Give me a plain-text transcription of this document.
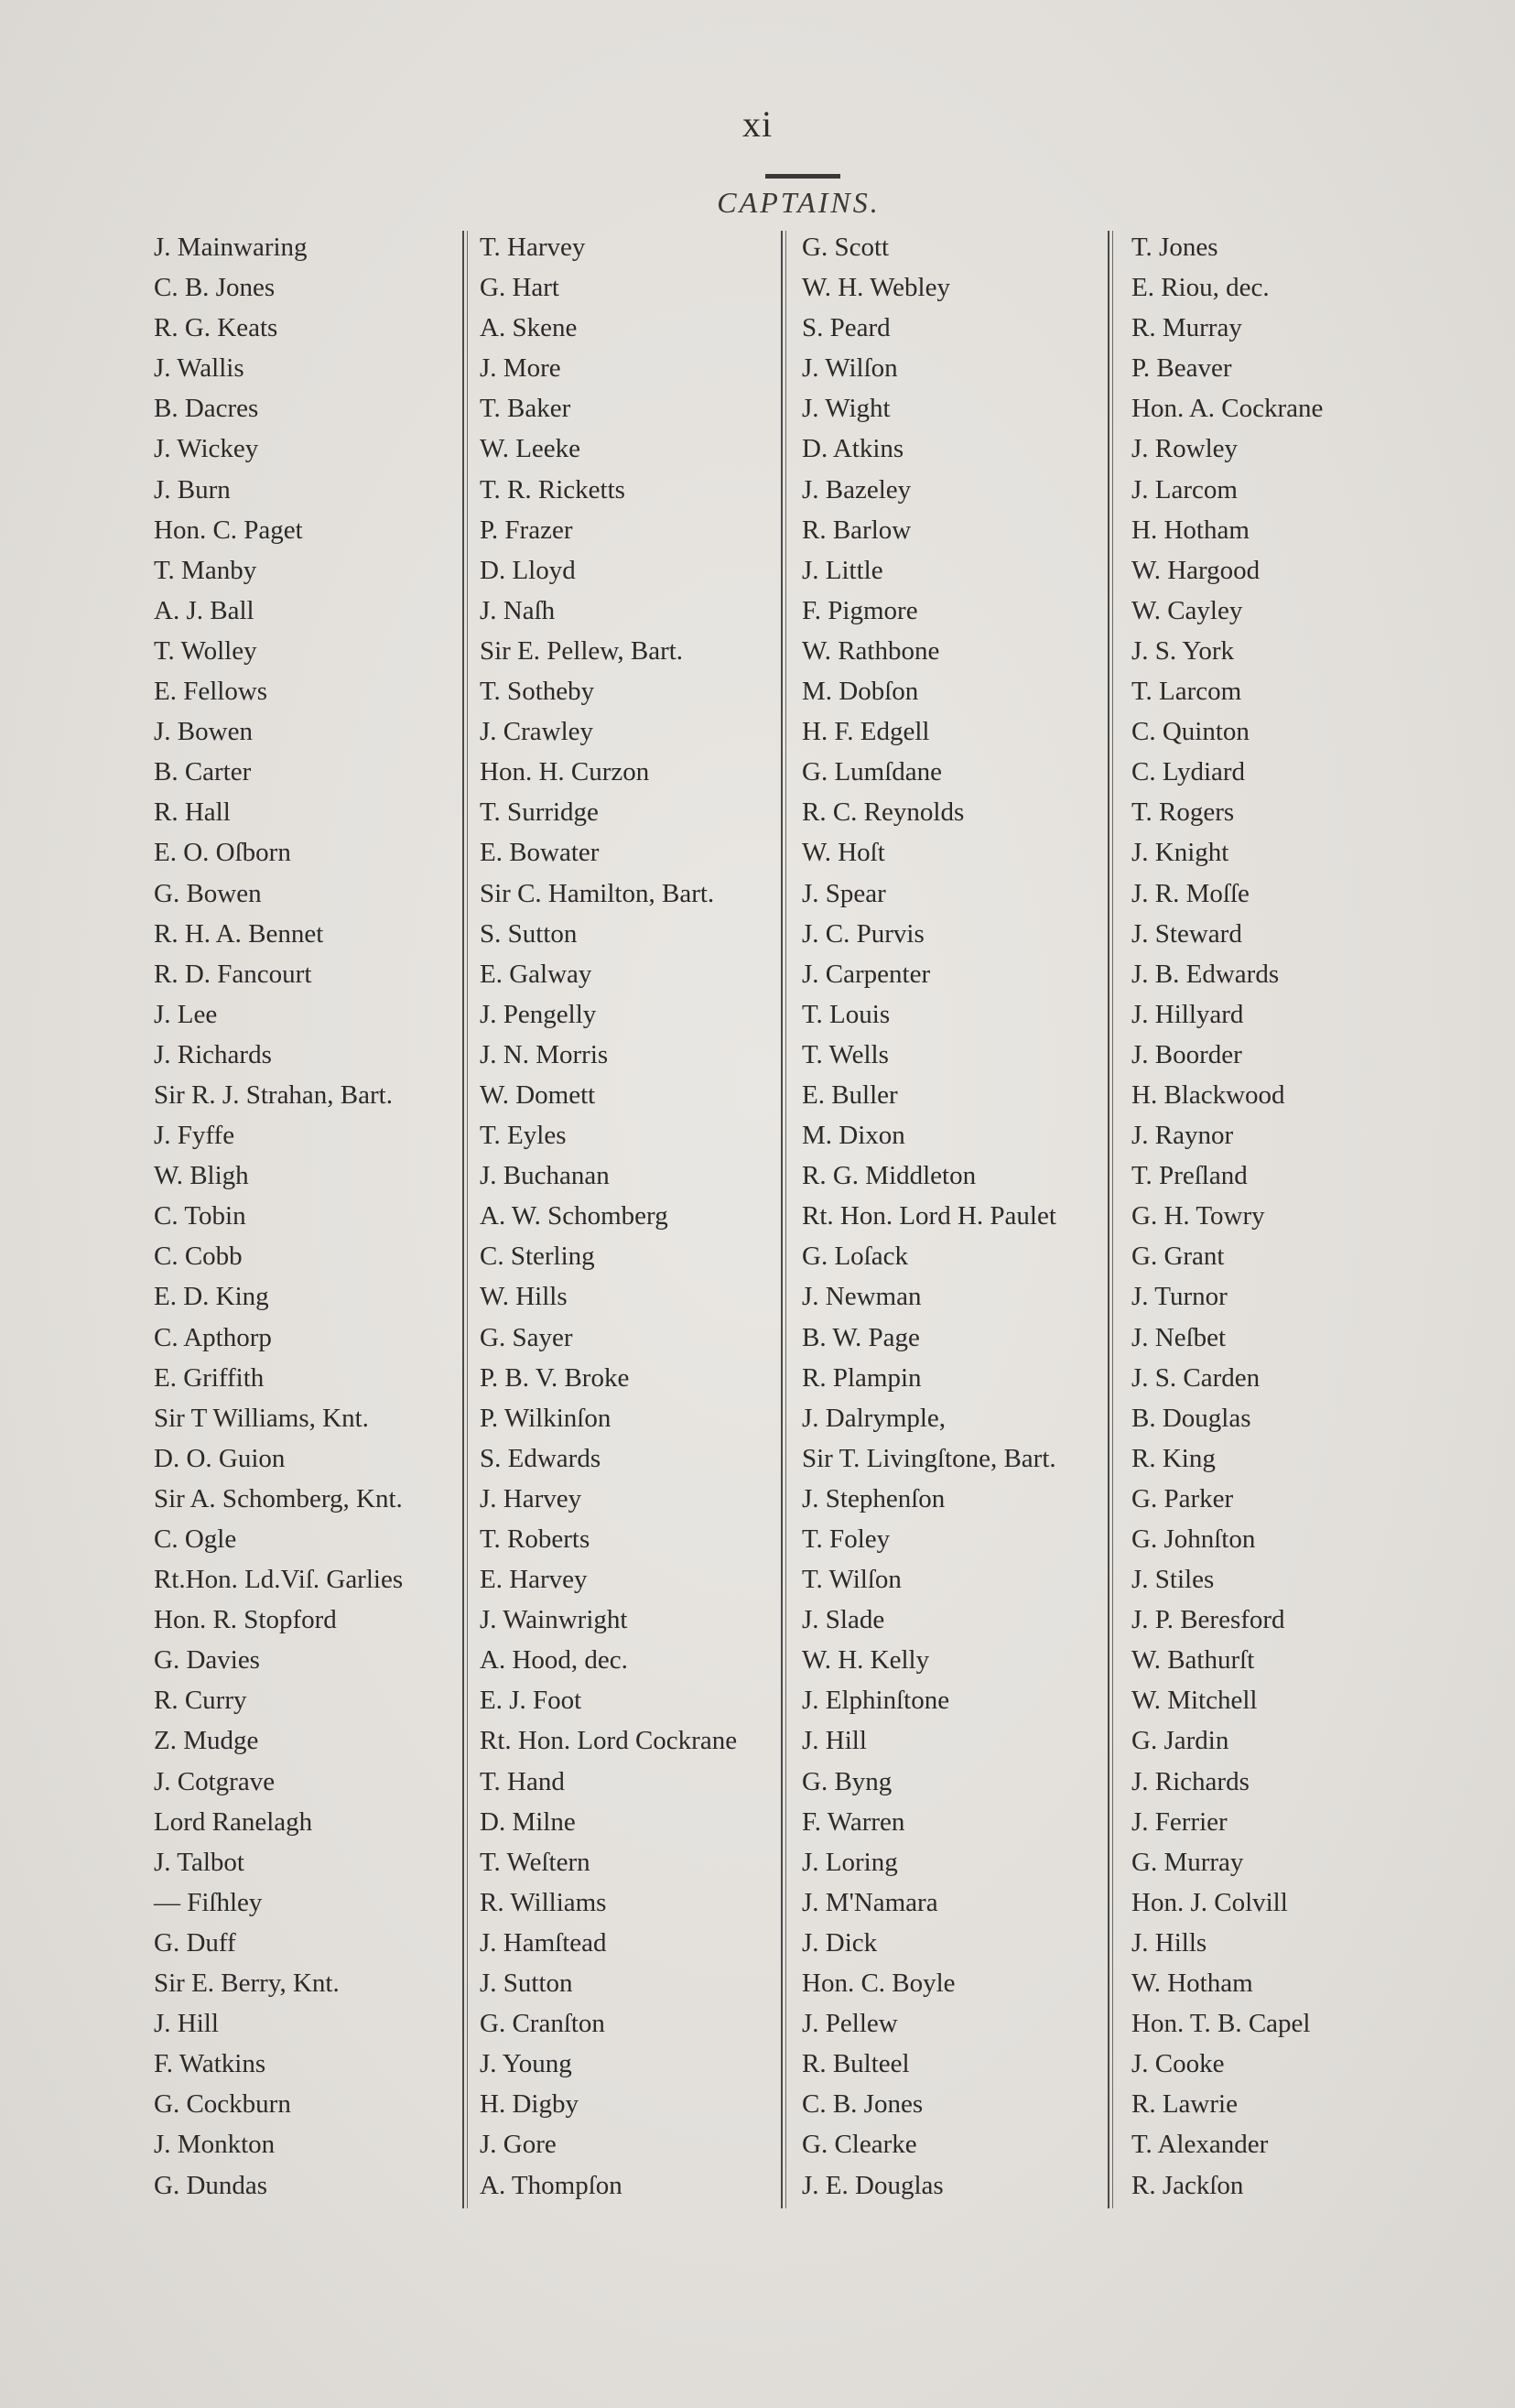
xi
CAPTAINS.
J. Mainwaring
C. B. Jones
R. G. Keats
J. Wallis
B. Dacres
J. Wickey
J. Burn
Hon. C. Paget
T. Manby
A. J. Ball
T. Wolley
E. Fellows
J. Bowen
B. Carter
R. Hall
E. O. Oſborn
G. Bowen
R. H. A. Bennet
R. D. Fancourt
J. Lee
J. Richards
Sir R. J. Strahan, Bart.
J. Fyffe
W. Bligh
C. Tobin
C. Cobb
E. D. King
C. Apthorp
E. Griffith
Sir T Williams, Knt.
D. O. Guion
Sir A. Schomberg, Knt.
C. Ogle
Rt.Hon. Ld.Viſ. Garlies
Hon. R. Stopford
G. Davies
R. Curry
Z. Mudge
J. Cotgrave
Lord Ranelagh
J. Talbot
— Fiſhley
G. Duff
Sir E. Berry, Knt.
J. Hill
F. Watkins
G. Cockburn
J. Monkton
G. Dundas
T. Harvey
G. Hart
A. Skene
J. More
T. Baker
W. Leeke
T. R. Ricketts
P. Frazer
D. Lloyd
J. Naſh
Sir E. Pellew, Bart.
T. Sotheby
J. Crawley
Hon. H. Curzon
T. Surridge
E. Bowater
Sir C. Hamilton, Bart.
S. Sutton
E. Galway
J. Pengelly
J. N. Morris
W. Domett
T. Eyles
J. Buchanan
A. W. Schomberg
C. Sterling
W. Hills
G. Sayer
P. B. V. Broke
P. Wilkinſon
S. Edwards
J. Harvey
T. Roberts
E. Harvey
J. Wainwright
A. Hood, dec.
E. J. Foot
Rt. Hon. Lord Cockrane
T. Hand
D. Milne
T. Weſtern
R. Williams
J. Hamſtead
J. Sutton
G. Cranſton
J. Young
H. Digby
J. Gore
A. Thompſon
G. Scott
W. H. Webley
S. Peard
J. Wilſon
J. Wight
D. Atkins
J. Bazeley
R. Barlow
J. Little
F. Pigmore
W. Rathbone
M. Dobſon
H. F. Edgell
G. Lumſdane
R. C. Reynolds
W. Hoſt
J. Spear
J. C. Purvis
J. Carpenter
T. Louis
T. Wells
E. Buller
M. Dixon
R. G. Middleton
Rt. Hon. Lord H. Paulet
G. Loſack
J. Newman
B. W. Page
R. Plampin
J. Dalrymple,
Sir T. Livingſtone, Bart.
J. Stephenſon
T. Foley
T. Wilſon
J. Slade
W. H. Kelly
J. Elphinſtone
J. Hill
G. Byng
F. Warren
J. Loring
J. M'Namara
J. Dick
Hon. C. Boyle
J. Pellew
R. Bulteel
C. B. Jones
G. Clearke
J. E. Douglas
T. Jones
E. Riou, dec.
R. Murray
P. Beaver
Hon. A. Cockrane
J. Rowley
J. Larcom
H. Hotham
W. Hargood
W. Cayley
J. S. York
T. Larcom
C. Quinton
C. Lydiard
T. Rogers
J. Knight
J. R. Moſſe
J. Steward
J. B. Edwards
J. Hillyard
J. Boorder
H. Blackwood
J. Raynor
T. Preſland
G. H. Towry
G. Grant
J. Turnor
J. Neſbet
J. S. Carden
B. Douglas
R. King
G. Parker
G. Johnſton
J. Stiles
J. P. Beresford
W. Bathurſt
W. Mitchell
G. Jardin
J. Richards
J. Ferrier
G. Murray
Hon. J. Colvill
J. Hills
W. Hotham
Hon. T. B. Capel
J. Cooke
R. Lawrie
T. Alexander
R. Jackſon
